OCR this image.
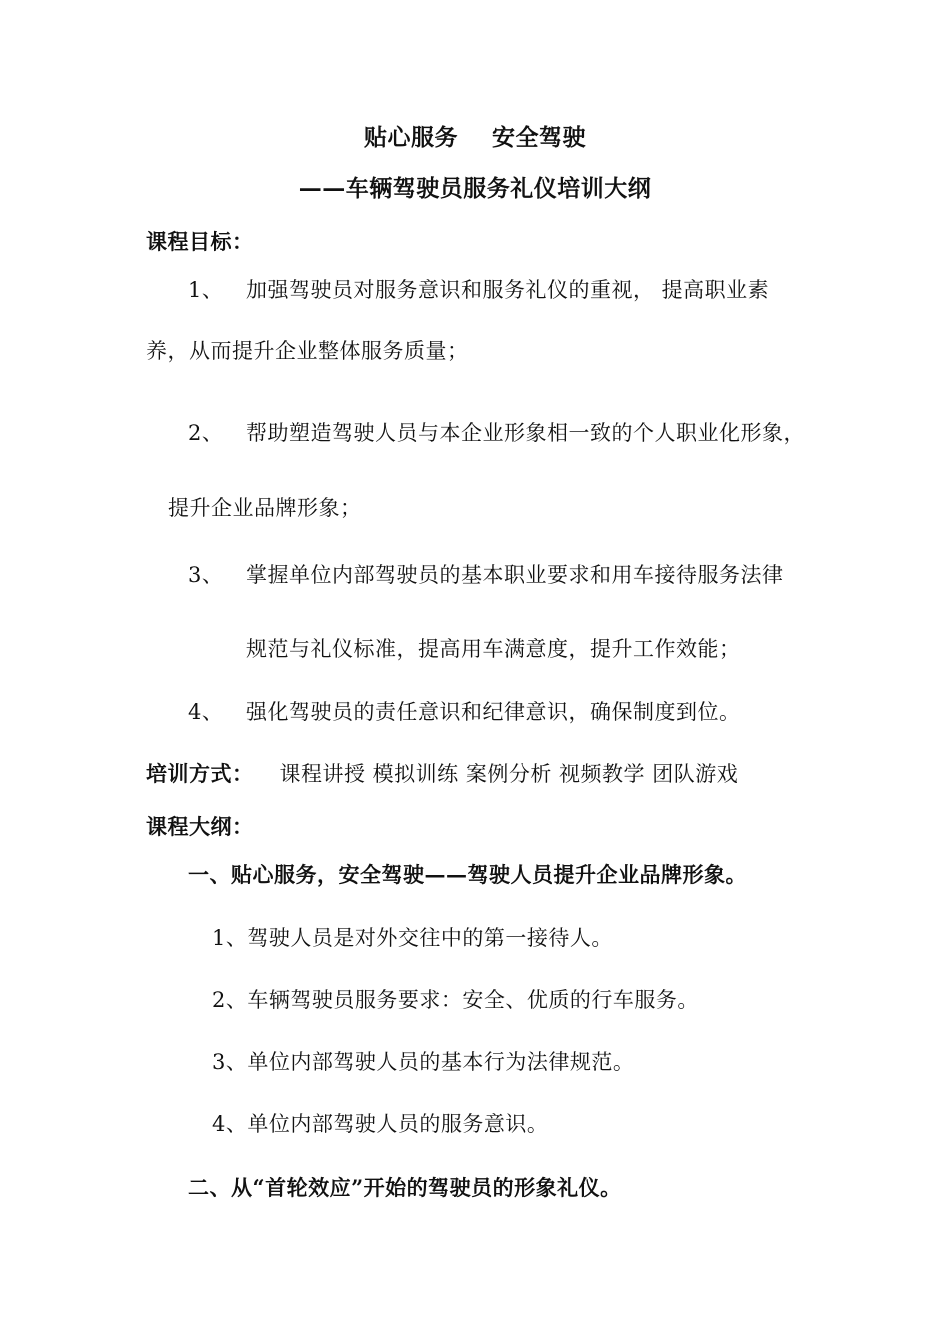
贴心服务 安全驾驶
——车辆驾驶员服务礼仪培训大纲
课程目标：
1、 加强驾驶员对服务意识和服务礼仪的重视， 提高职业素
养，从而提升企业整体服务质量；
2、 帮助塑造驾驶人员与本企业形象相一致的个人职业化形象，
提升企业品牌形象；
3、 掌握单位内部驾驶员的基本职业要求和用车接待服务法律
规范与礼仪标准，提高用车满意度，提升工作效能；
4、 强化驾驶员的责任意识和纪律意识，确保制度到位。
培训方式： 课程讲授 模拟训练 案例分析 视频教学 团队游戏
课程大纲：
一、贴心服务，安全驾驶——驾驶人员提升企业品牌形象。
1、驾驶人员是对外交往中的第一接待人。
2、车辆驾驶员服务要求：安全、优质的行车服务。
3、单位内部驾驶人员的基本行为法律规范。
4、单位内部驾驶人员的服务意识。
二、从“首轮效应”开始的驾驶员的形象礼仪。
